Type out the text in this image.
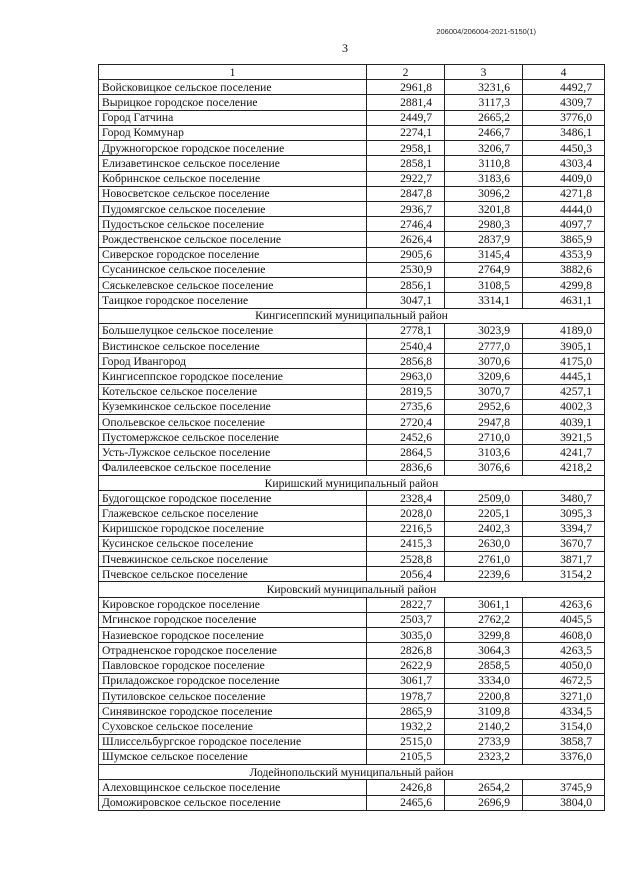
206004/206004-2021-5150(1)
3
1	2	3	4
Войсковицкое сельское поселение	2961,8	3231,6	4492,7
Вырицкое городское поселение	2881,4	3117,3	4309,7
Город Гатчина	2449,7	2665,2	3776,0
Город Коммунар	2274,1	2466,7	3486,1
Дружногорское городское поселение	2958,1	3206,7	4450,3
Елизаветинское сельское поселение	2858,1	3110,8	4303,4
Кобринское сельское поселение	2922,7	3183,6	4409,0
Новосветское сельское поселение	2847,8	3096,2	4271,8
Пудомягское сельское поселение	2936,7	3201,8	4444,0
Пудостьское сельское поселение	2746,4	2980,3	4097,7
Рождественское сельское поселение	2626,4	2837,9	3865,9
Сиверское городское поселение	2905,6	3145,4	4353,9
Сусанинское сельское поселение	2530,9	2764,9	3882,6
Сяськелевское сельское поселение	2856,1	3108,5	4299,8
Таицкое городское поселение	3047,1	3314,1	4631,1
Кингисеппский муниципальный район			
Большелуцкое сельское поселение	2778,1	3023,9	4189,0
Вистинское сельское поселение	2540,4	2777,0	3905,1
Город Ивангород	2856,8	3070,6	4175,0
Кингисеппское городское поселение	2963,0	3209,6	4445,1
Котельское сельское поселение	2819,5	3070,7	4257,1
Куземкинское сельское поселение	2735,6	2952,6	4002,3
Опольевское сельское поселение	2720,4	2947,8	4039,1
Пустомержское сельское поселение	2452,6	2710,0	3921,5
Усть-Лужское сельское поселение	2864,5	3103,6	4241,7
Фалилеевское сельское поселение	2836,6	3076,6	4218,2
Киришский муниципальный район			
Будогощское городское поселение	2328,4	2509,0	3480,7
Глажевское сельское поселение	2028,0	2205,1	3095,3
Киришское городское поселение	2216,5	2402,3	3394,7
Кусинское сельское поселение	2415,3	2630,0	3670,7
Пчевжинское сельское поселение	2528,8	2761,0	3871,7
Пчевское сельское поселение	2056,4	2239,6	3154,2
Кировский муниципальный район			
Кировское городское поселение	2822,7	3061,1	4263,6
Мгинское городское поселение	2503,7	2762,2	4045,5
Назиевское городское поселение	3035,0	3299,8	4608,0
Отрадненское городское поселение	2826,8	3064,3	4263,5
Павловское городское поселение	2622,9	2858,5	4050,0
Приладожское городское поселение	3061,7	3334,0	4672,5
Путиловское сельское поселение	1978,7	2200,8	3271,0
Синявинское городское поселение	2865,9	3109,8	4334,5
Суховское сельское поселение	1932,2	2140,2	3154,0
Шлиссельбургское городское поселение	2515,0	2733,9	3858,7
Шумское сельское поселение	2105,5	2323,2	3376,0
Лодейнопольский муниципальный район			
Алеховщинское сельское поселение	2426,8	2654,2	3745,9
Доможировское сельское поселение	2465,6	2696,9	3804,0
